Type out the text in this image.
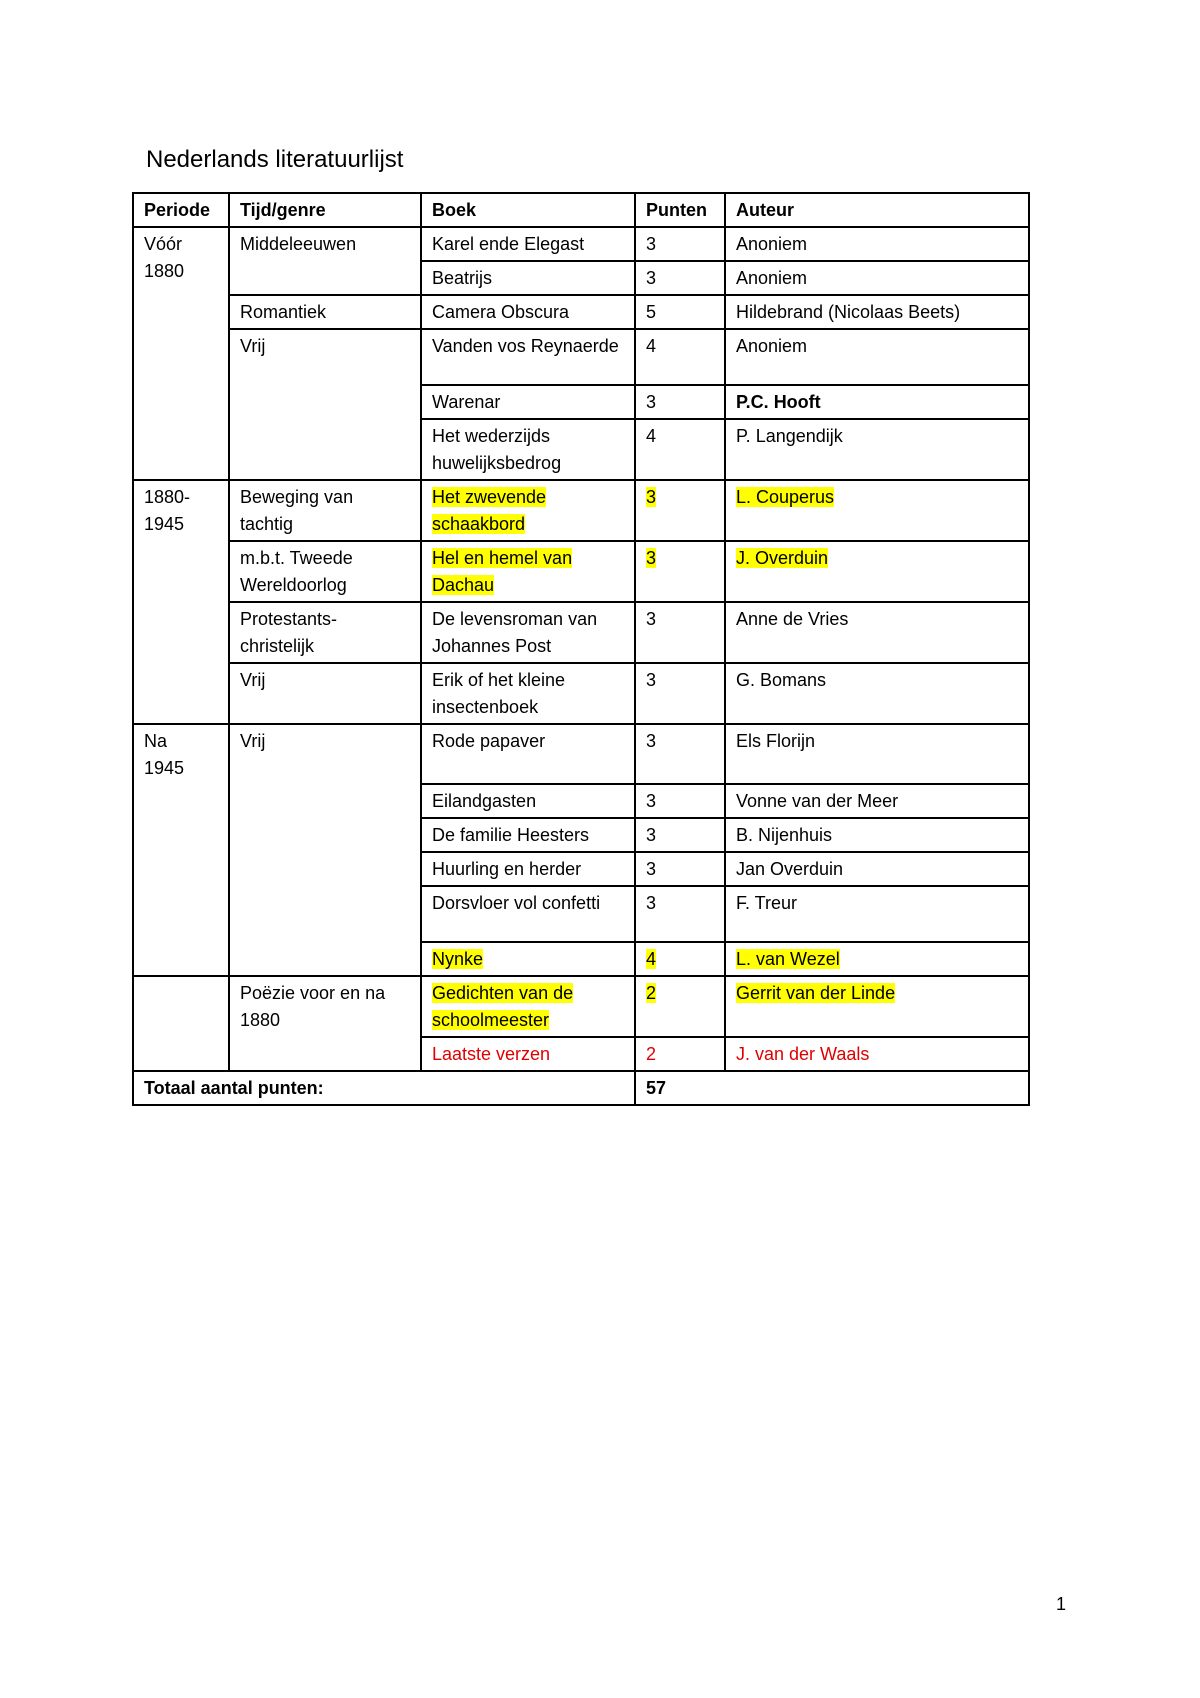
Nederlands literatuurlijst
Periode	Tijd/genre	Boek	Punten	Auteur
Vóór
1880	Middeleeuwen	Karel ende Elegast	3	Anoniem
		Beatrijs	3	Anoniem
	Romantiek	Camera Obscura	5	Hildebrand (Nicolaas Beets)
	Vrij	Vanden vos Reynaerde	4	Anoniem
		Warenar	3	P.C. Hooft
		Het wederzijds huwelijksbedrog	4	P. Langendijk
1880-
1945	Beweging van tachtig	Het zwevende schaakbord	3	L. Couperus
	m.b.t. Tweede Wereldoorlog	Hel en hemel van Dachau	3	J. Overduin
	Protestants-christelijk	De levensroman van Johannes Post	3	Anne de Vries
	Vrij	Erik of het kleine insectenboek	3	G. Bomans
Na
1945	Vrij	Rode papaver	3	Els Florijn
		Eilandgasten	3	Vonne van der Meer
		De familie Heesters	3	B. Nijenhuis
		Huurling en herder	3	Jan Overduin
		Dorsvloer vol confetti	3	F. Treur
		Nynke	4	L. van Wezel
	Poëzie voor en na 1880	Gedichten van de schoolmeester	2	Gerrit van der Linde
		Laatste verzen	2	J. van der Waals
Totaal aantal punten:			57	
1
